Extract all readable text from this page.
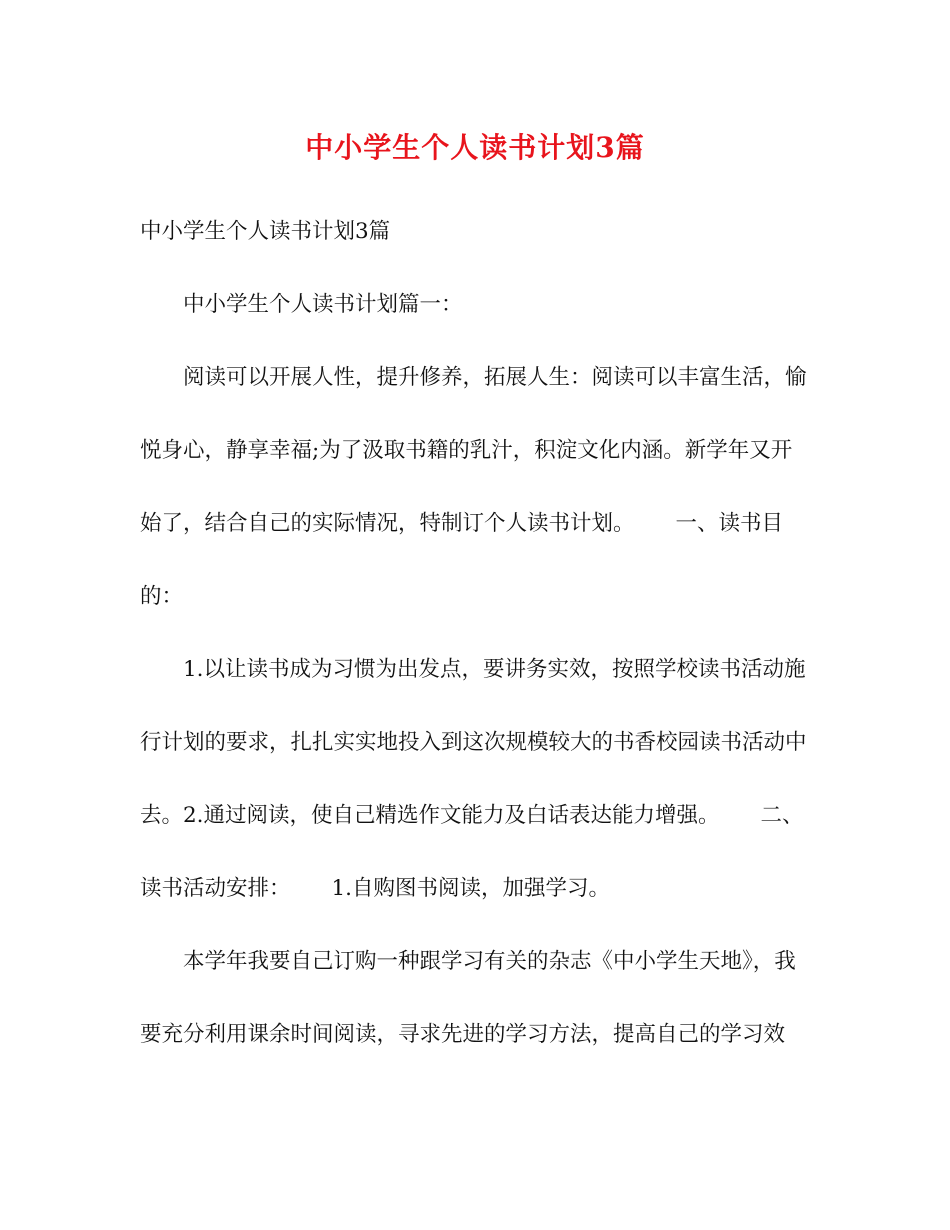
中小学生个人读书计划3篇
中小学生个人读书计划3篇
中小学生个人读书计划篇一：
阅读可以开展人性，提升修养，拓展人生：阅读可以丰富生活，愉
悦身心，静享幸福;为了汲取书籍的乳汁，积淀文化内涵。新学年又开
始了，结合自己的实际情况，特制订个人读书计划。      一、读书目
的：
1.以让读书成为习惯为出发点，要讲务实效，按照学校读书活动施
行计划的要求，扎扎实实地投入到这次规模较大的书香校园读书活动中
去。2.通过阅读，使自己精选作文能力及白话表达能力增强。      二、
读书活动安排：      1.自购图书阅读，加强学习。
本学年我要自己订购一种跟学习有关的杂志《中小学生天地》，我
要充分利用课余时间阅读，寻求先进的学习方法，提高自己的学习效
